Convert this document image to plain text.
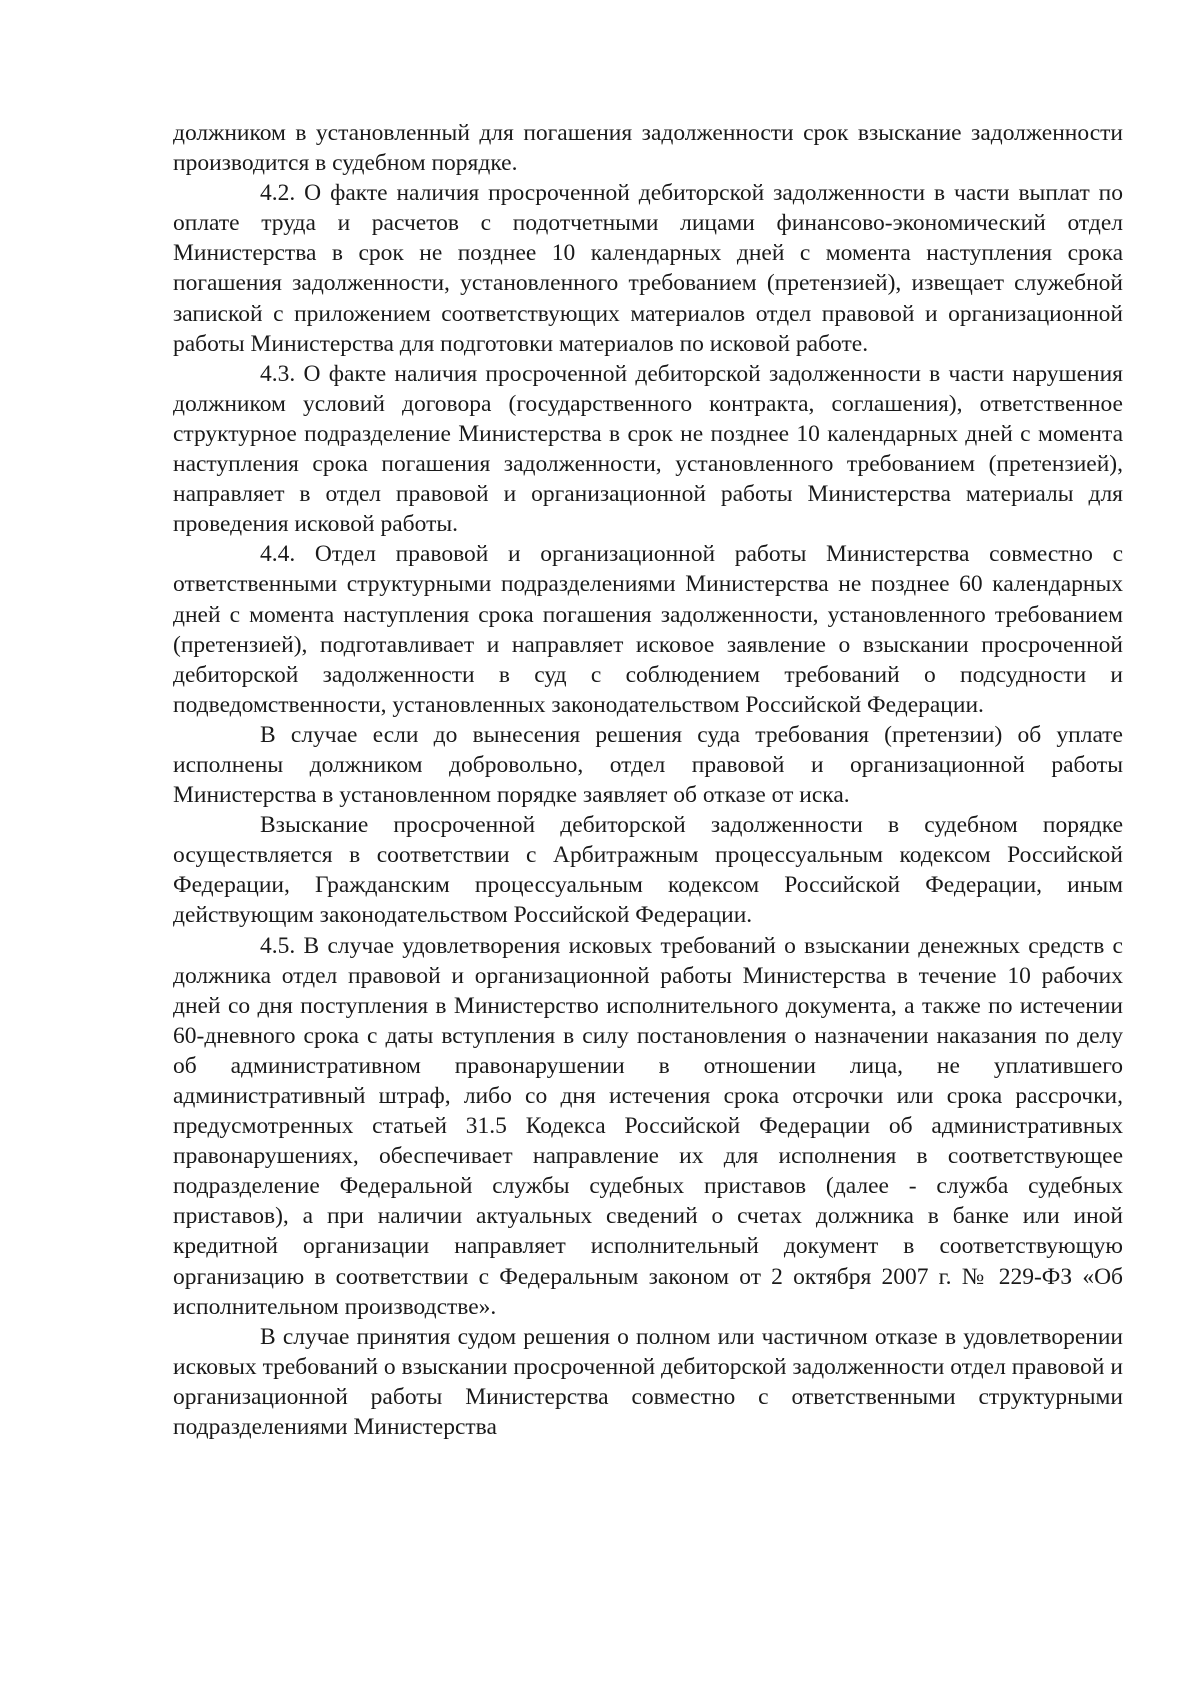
должником в установленный для погашения задолженности срок взыскание задолженности производится в судебном порядке.

4.2. О факте наличия просроченной дебиторской задолженности в части выплат по оплате труда и расчетов с подотчетными лицами финансово-экономический отдел Министерства в срок не позднее 10 календарных дней с момента наступления срока погашения задолженности, установленного требованием (претензией), извещает служебной запиской с приложением соответствующих материалов отдел правовой и организационной работы Министерства для подготовки материалов по исковой работе.

4.3. О факте наличия просроченной дебиторской задолженности в части нарушения должником условий договора (государственного контракта, соглашения), ответственное структурное подразделение Министерства в срок не позднее 10 календарных дней с момента наступления срока погашения задолженности, установленного требованием (претензией), направляет в отдел правовой и организационной работы Министерства материалы для проведения исковой работы.

4.4. Отдел правовой и организационной работы Министерства совместно с ответственными структурными подразделениями Министерства не позднее 60 календарных дней с момента наступления срока погашения задолженности, установленного требованием (претензией), подготавливает и направляет исковое заявление о взыскании просроченной дебиторской задолженности в суд с соблюдением требований о подсудности и подведомственности, установленных законодательством Российской Федерации.

В случае если до вынесения решения суда требования (претензии) об уплате исполнены должником добровольно, отдел правовой и организационной работы Министерства в установленном порядке заявляет об отказе от иска.

Взыскание просроченной дебиторской задолженности в судебном порядке осуществляется в соответствии с Арбитражным процессуальным кодексом Российской Федерации, Гражданским процессуальным кодексом Российской Федерации, иным действующим законодательством Российской Федерации.

4.5. В случае удовлетворения исковых требований о взыскании денежных средств с должника отдел правовой и организационной работы Министерства в течение 10 рабочих дней со дня поступления в Министерство исполнительного документа, а также по истечении 60-дневного срока с даты вступления в силу постановления о назначении наказания по делу об административном правонарушении в отношении лица, не уплатившего административный штраф, либо со дня истечения срока отсрочки или срока рассрочки, предусмотренных статьей 31.5 Кодекса Российской Федерации об административных правонарушениях, обеспечивает направление их для исполнения в соответствующее подразделение Федеральной службы судебных приставов (далее - служба судебных приставов), а при наличии актуальных сведений о счетах должника в банке или иной кредитной организации направляет исполнительный документ в соответствующую организацию в соответствии с Федеральным законом от 2 октября 2007 г. № 229-ФЗ «Об исполнительном производстве».

В случае принятия судом решения о полном или частичном отказе в удовлетворении исковых требований о взыскании просроченной дебиторской задолженности отдел правовой и организационной работы Министерства совместно с ответственными структурными подразделениями Министерства
